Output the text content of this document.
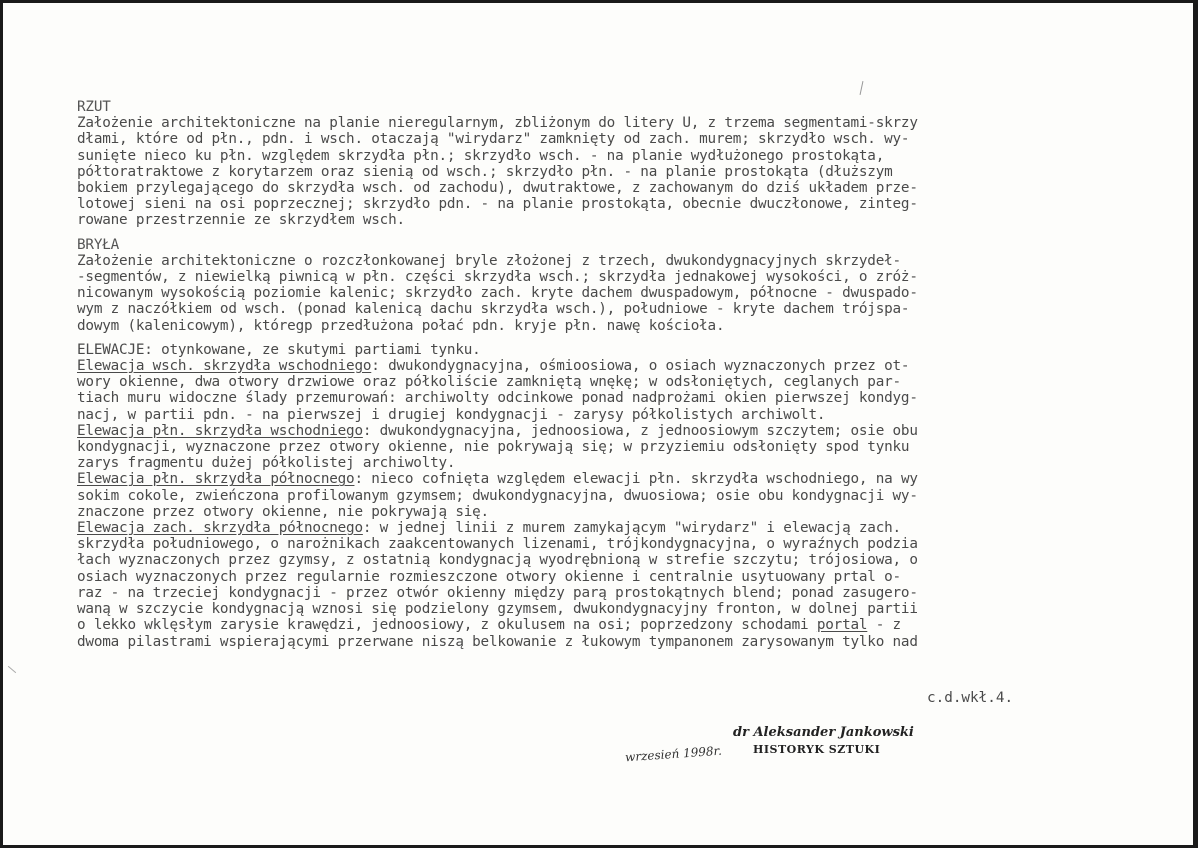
RZUT
Założenie architektoniczne na planie nieregularnym, zbliżonym do litery U, z trzema segmentami-skrzy
dłami, które od płn., pdn. i wsch. otaczają "wirydarz" zamknięty od zach. murem; skrzydło wsch. wy-
sunięte nieco ku płn. względem skrzydła płn.; skrzydło wsch. - na planie wydłużonego prostokąta,
półtoratraktowe z korytarzem oraz sienią od wsch.; skrzydło płn. - na planie prostokąta (dłuższym
bokiem przylegającego do skrzydła wsch. od zachodu), dwutraktowe, z zachowanym do dziś układem prze-
lotowej sieni na osi poprzecznej; skrzydło pdn. - na planie prostokąta, obecnie dwuczłonowe, zinteg-
rowane przestrzennie ze skrzydłem wsch.
BRYŁA
Założenie architektoniczne o rozczłonkowanej bryle złożonej z trzech, dwukondygnacyjnych skrzydeł-
-segmentów, z niewielką piwnicą w płn. części skrzydła wsch.; skrzydła jednakowej wysokości, o zróż-
nicowanym wysokością poziomie kalenic; skrzydło zach. kryte dachem dwuspadowym, północne - dwuspado-
wym z naczółkiem od wsch. (ponad kalenicą dachu skrzydła wsch.), południowe - kryte dachem trójspa-
dowym (kalenicowym), któregp przedłużona połać pdn. kryje płn. nawę kościoła.
ELEWACJE: otynkowane, ze skutymi partiami tynku.
Elewacja wsch. skrzydła wschodniego: dwukondygnacyjna, ośmioosiowa, o osiach wyznaczonych przez ot-
wory okienne, dwa otwory drzwiowe oraz półkoliście zamkniętą wnękę; w odsłoniętych, ceglanych par-
tiach muru widoczne ślady przemurowań: archiwolty odcinkowe ponad nadprożami okien pierwszej kondyg-
nacj, w partii pdn. - na pierwszej i drugiej kondygnacji - zarysy półkolistych archiwolt.
Elewacja płn. skrzydła wschodniego: dwukondygnacyjna, jednoosiowa, z jednoosiowym szczytem; osie obu
kondygnacji, wyznaczone przez otwory okienne, nie pokrywają się; w przyziemiu odsłonięty spod tynku
zarys fragmentu dużej półkolistej archiwolty.
Elewacja płn. skrzydła północnego: nieco cofnięta względem elewacji płn. skrzydła wschodniego, na wy
sokim cokole, zwieńczona profilowanym gzymsem; dwukondygnacyjna, dwuosiowa; osie obu kondygnacji wy-
znaczone przez otwory okienne, nie pokrywają się.
Elewacja zach. skrzydła północnego: w jednej linii z murem zamykającym "wirydarz" i elewacją zach.
skrzydła południowego, o narożnikach zaakcentowanych lizenami, trójkondygnacyjna, o wyraźnych podzia
łach wyznaczonych przez gzymsy, z ostatnią kondygnacją wyodrębnioną w strefie szczytu; trójosiowa, o
osiach wyznaczonych przez regularnie rozmieszczone otwory okienne i centralnie usytuowany prtal o-
raz - na trzeciej kondygnacji - przez otwór okienny między parą prostokątnych blend; ponad zasugero-
waną w szczycie kondygnacją wznosi się podzielony gzymsem, dwukondygnacyjny fronton, w dolnej partii
o lekko wklęsłym zarysie krawędzi, jednoosiowy, z okulusem na osi; poprzedzony schodami portal - z
dwoma pilastrami wspierającymi przerwane niszą belkowanie z łukowym tympanonem zarysowanym tylko nad
c.d.wkł.4.
dr Aleksander Jankowski
HISTORYK SZTUKI
wrzesień 1998r.
